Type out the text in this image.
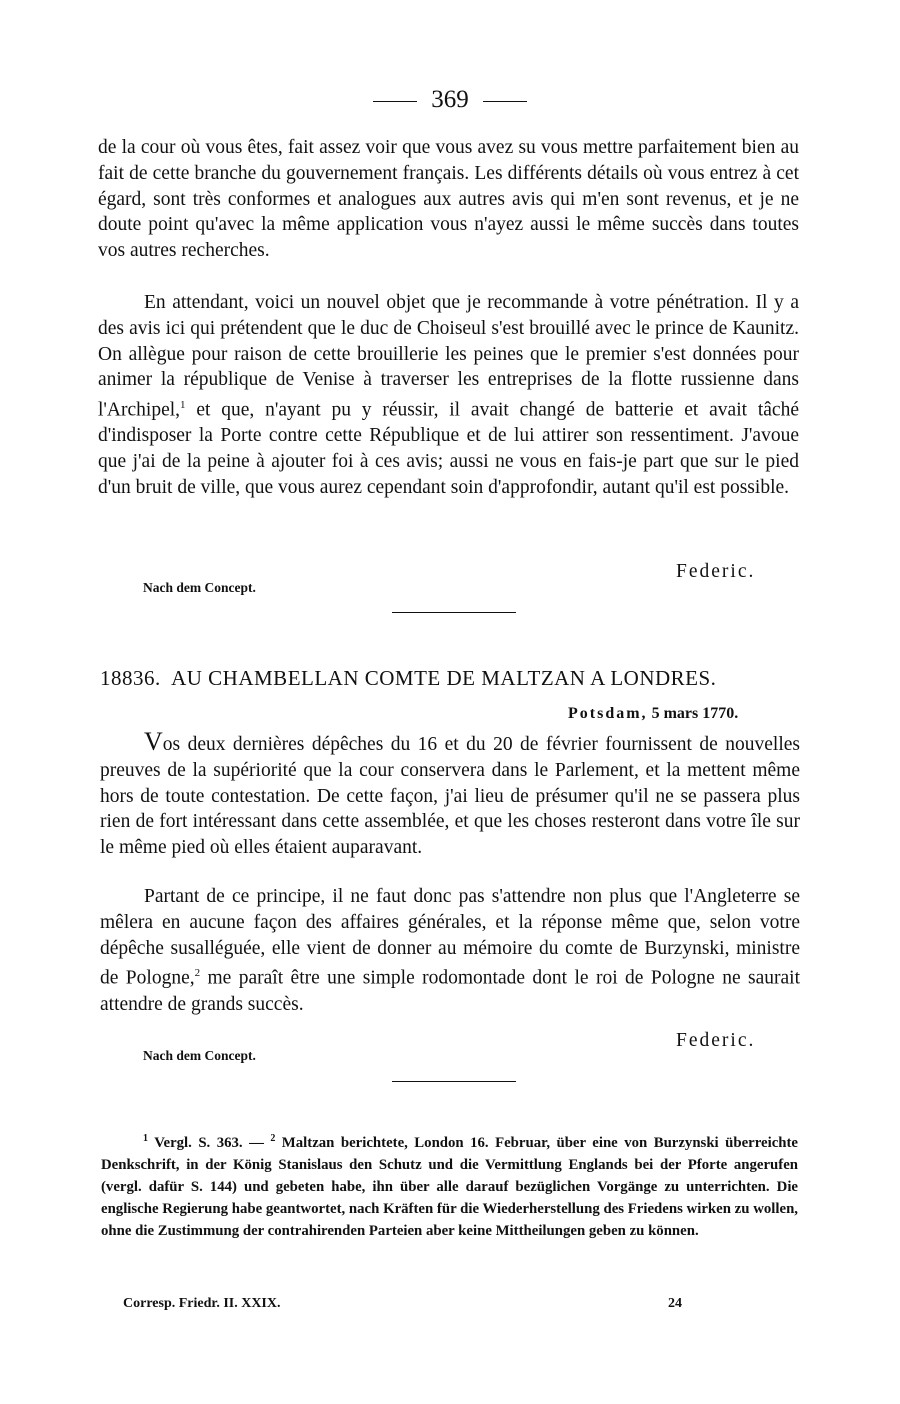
369

de la cour où vous êtes, fait assez voir que vous avez su vous mettre parfaitement bien au fait de cette branche du gouvernement français. Les différents détails où vous entrez à cet égard, sont très conformes et analogues aux autres avis qui m'en sont revenus, et je ne doute point qu'avec la même application vous n'ayez aussi le même succès dans toutes vos autres recherches.

En attendant, voici un nouvel objet que je recommande à votre pénétration. Il y a des avis ici qui prétendent que le duc de Choiseul s'est brouillé avec le prince de Kaunitz. On allègue pour raison de cette brouillerie les peines que le premier s'est données pour animer la république de Venise à traverser les entreprises de la flotte russienne dans l'Archipel,$^1$ et que, n'ayant pu y réussir, il avait changé de batterie et avait tâché d'indisposer la Porte contre cette République et de lui attirer son ressentiment. J'avoue que j'ai de la peine à ajouter foi à ces avis; aussi ne vous en fais-je part que sur le pied d'un bruit de ville, que vous aurez cependant soin d'approfondir, autant qu'il est possible.

Federic.
Nach dem Concept.
18836. AU CHAMBELLAN COMTE DE MALTZAN A LONDRES.
Potsdam, 5 mars 1770.

Vos deux dernières dépêches du 16 et du 20 de février fournissent de nouvelles preuves de la supériorité que la cour conservera dans le Parlement, et la mettent même hors de toute contestation. De cette façon, j'ai lieu de présumer qu'il ne se passera plus rien de fort intéressant dans cette assemblée, et que les choses resteront dans votre île sur le même pied où elles étaient auparavant.

Partant de ce principe, il ne faut donc pas s'attendre non plus que l'Angleterre se mêlera en aucune façon des affaires générales, et la réponse même que, selon votre dépêche susalléguée, elle vient de donner au mémoire du comte de Burzynski, ministre de Pologne,$^2$ me paraît être une simple rodomontade dont le roi de Pologne ne saurait attendre de grands succès.

Federic.
Nach dem Concept.

$^1$ Vergl. S. 363. — $^2$ Maltzan berichtete, London 16. Februar, über eine von Burzynski überreichte Denkschrift, in der König Stanislaus den Schutz und die Vermittlung Englands bei der Pforte angerufen (vergl. dafür S. 144) und gebeten habe, ihn über alle darauf bezüglichen Vorgänge zu unterrichten. Die englische Regierung habe geantwortet, nach Kräften für die Wiederherstellung des Friedens wirken zu wollen, ohne die Zustimmung der contrahirenden Parteien aber keine Mittheilungen geben zu können.

Corresp. Friedr. II. XXIX.	24
